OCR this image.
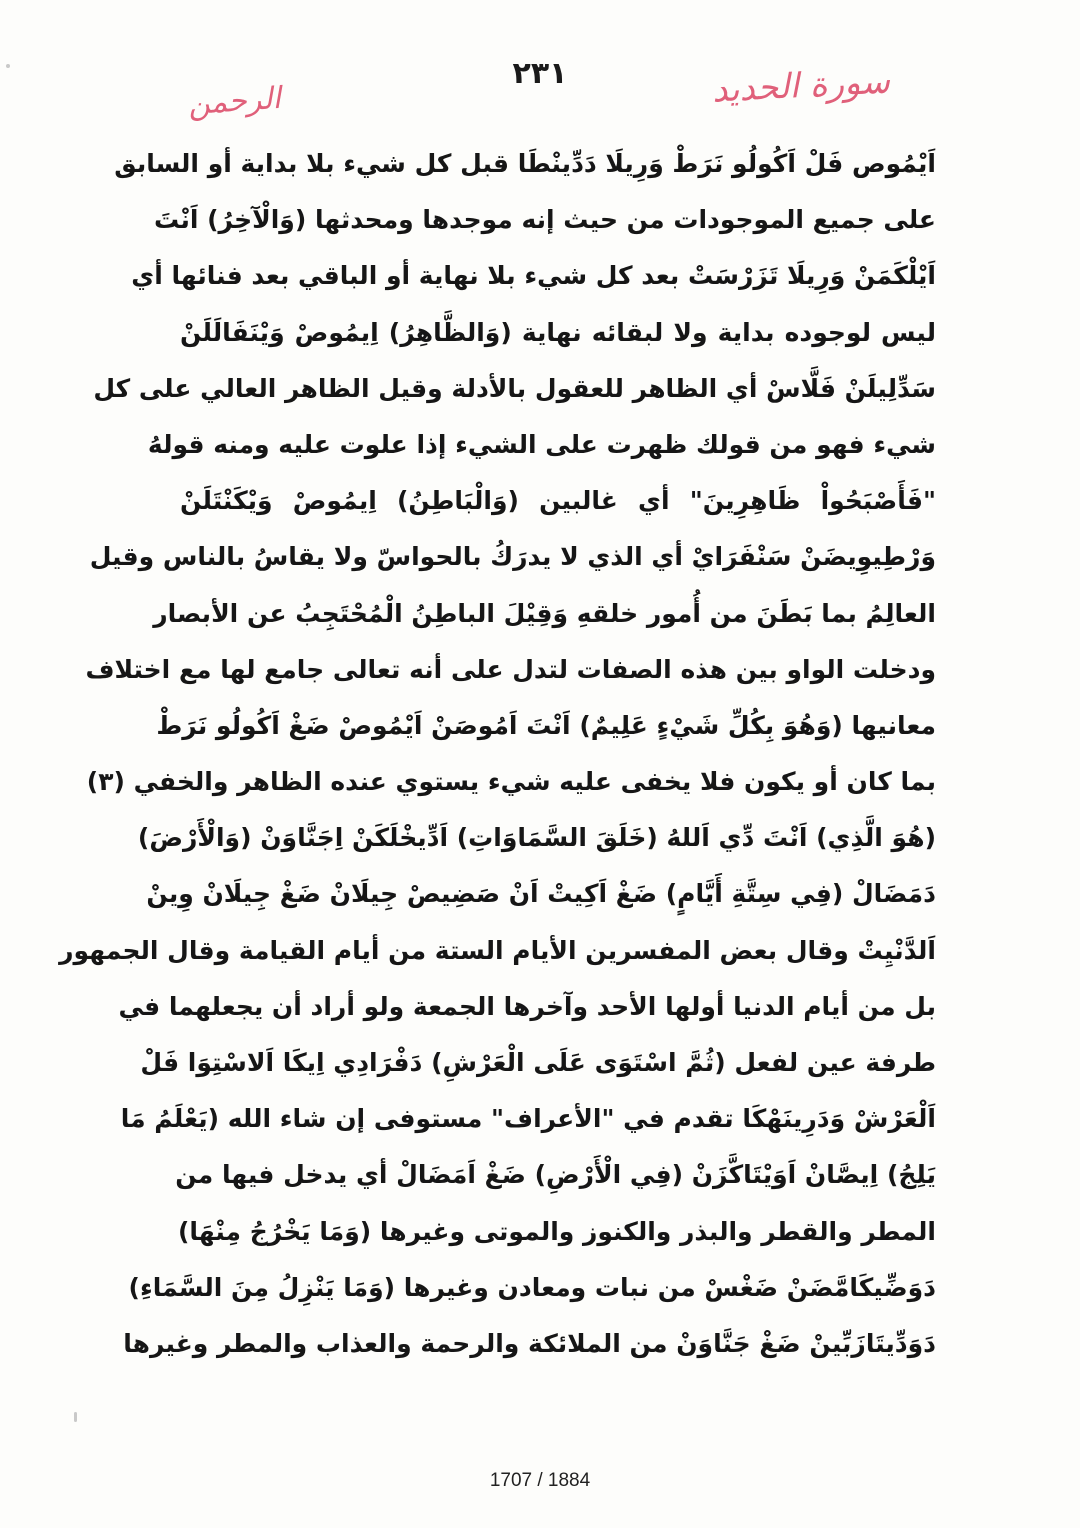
٢٣١
الرحمن	سورة الحديد
اَيْمُوص فَلْ اَكُولُو نَرَطْ وَرِيلَا دَدِّينْطَا قبل كل شيء بلا بداية أو السابق
على جميع الموجودات من حيث إنه موجدها ومحدثها (وَالْآخِرُ) اَنْتَ
اَيْلْكَمَنْ وَرِيلَا تَزَرْسَتْ بعد كل شيء بلا نهاية أو الباقي بعد فنائها أي
ليس لوجوده بداية ولا لبقائه نهاية (وَالظَّاهِرُ) اِيمُوصْ وَيْنَفَالَلَنْ
سَدِّلِيلَنْ فَلَّاسْ أي الظاهر للعقول بالأدلة وقيل الظاهر العالي على كل
شيء فهو من قولك ظهرت على الشيء إذا علوت عليه ومنه قولهُ
"فَأَصْبَحُواْ ظَاهِرِينَ" أي غالبين (وَالْبَاطِنُ) اِيمُوصْ وَيْكَنْتَلَنْ
وَرْطِيوِيضَنْ سَنْفَرَايْ أي الذي لا يدرَكُ بالحواسّ ولا يقاسُ بالناس وقيل
العالِمُ بما بَطَنَ من أُمور خلقهِ وَقِيْلَ الباطِنُ الْمُحْتَجِبُ عن الأبصار
ودخلت الواو بين هذه الصفات لتدل على أنه تعالى جامع لها مع اختلاف
معانيها (وَهُوَ بِكُلِّ شَيْءٍ عَلِيمٌ) اَنْتَ اَمُوصَنْ اَيْمُوصْ ضَغْ اَكُولُو نَرَطْ
بما كان أو يكون فلا يخفى عليه شيء يستوي عنده الظاهر والخفي (٣)
(هُوَ الَّذِي) اَنْتَ دِّي اَللهُ (خَلَقَ السَّمَاوَاتِ) اَدِّيخْلَكَنْ اِجَنَّاوَنْ (وَالْأَرْضَ)
دَمَضَالْ (فِي سِتَّةِ أَيَّامٍ) ضَغْ اَكِيتْ اَنْ صَضِيصْ جِيلَانْ ضَغْ جِيلَانْ وِينْ
اَلدَّنْيِتْ وقال بعض المفسرين الأيام الستة من أيام القيامة وقال الجمهور
بل من أيام الدنيا أولها الأحد وآخرها الجمعة ولو أراد أن يجعلهما في
طرفة عين لفعل (ثُمَّ اسْتَوَى عَلَى الْعَرْشِ) دَفْرَادِي اِيكَا اَلاسْتِوَا فَلْ
اَلْعَرْشْ وَدَرِينَهْكَا تقدم في "الأعراف" مستوفى إن شاء الله (يَعْلَمُ مَا
يَلِجُ) اِيصَّانْ اَوَيْتَاكَّزَنْ (فِي الْأَرْضِ) ضَغْ اَمَضَالْ أي يدخل فيها من
المطر والقطر والبذر والكنوز والموتى وغيرها (وَمَا يَخْرُجُ مِنْهَا)
دَوَضِّيكَامَّضَنْ ضَغْسْ من نبات ومعادن وغيرها (وَمَا يَنْزِلُ مِنَ السَّمَاءِ)
دَوَدِّيتَازَبِّينْ ضَغْ جَنَّاوَنْ من الملائكة والرحمة والعذاب والمطر وغيرها
1707 / 1884
